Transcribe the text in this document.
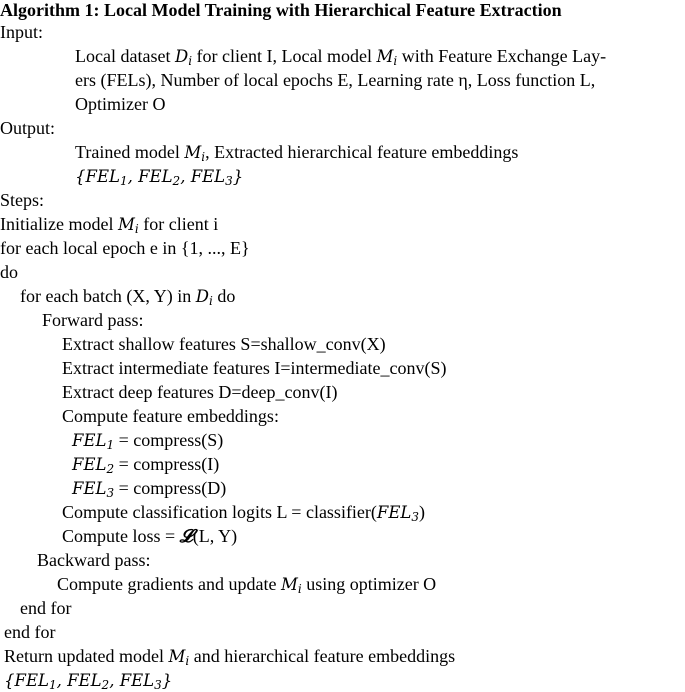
Algorithm 1: Local Model Training with Hierarchical Feature Extraction
Input:
Local dataset $D_i$ for client I, Local model $M_i$ with Feature Exchange Lay-
ers (FELs), Number of local epochs E, Learning rate η, Loss function L,
Optimizer O
Output:
Trained model $M_i$, Extracted hierarchical feature embeddings
{$FEL_1$, $FEL_2$, $FEL_3$}
Steps:
Initialize model $M_i$ for client i
for each local epoch e in {1, ..., E}
do
for each batch (X, Y) in $D_i$ do
Forward pass:
Extract shallow features S=shallow_conv(X)
Extract intermediate features I=intermediate_conv(S)
Extract deep features D=deep_conv(I)
Compute feature embeddings:
$FEL_1$ = compress(S)
$FEL_2$ = compress(I)
$FEL_3$ = compress(D)
Compute classification logits $L = classifier(FEL_3)$
Compute loss = 𝓛(L, Y)
Backward pass:
Compute gradients and update $M_i$ using optimizer O
end for
end for
Return updated model $M_i$ and hierarchical feature embeddings
{$FEL_1$, $FEL_2$, $FEL_3$}
